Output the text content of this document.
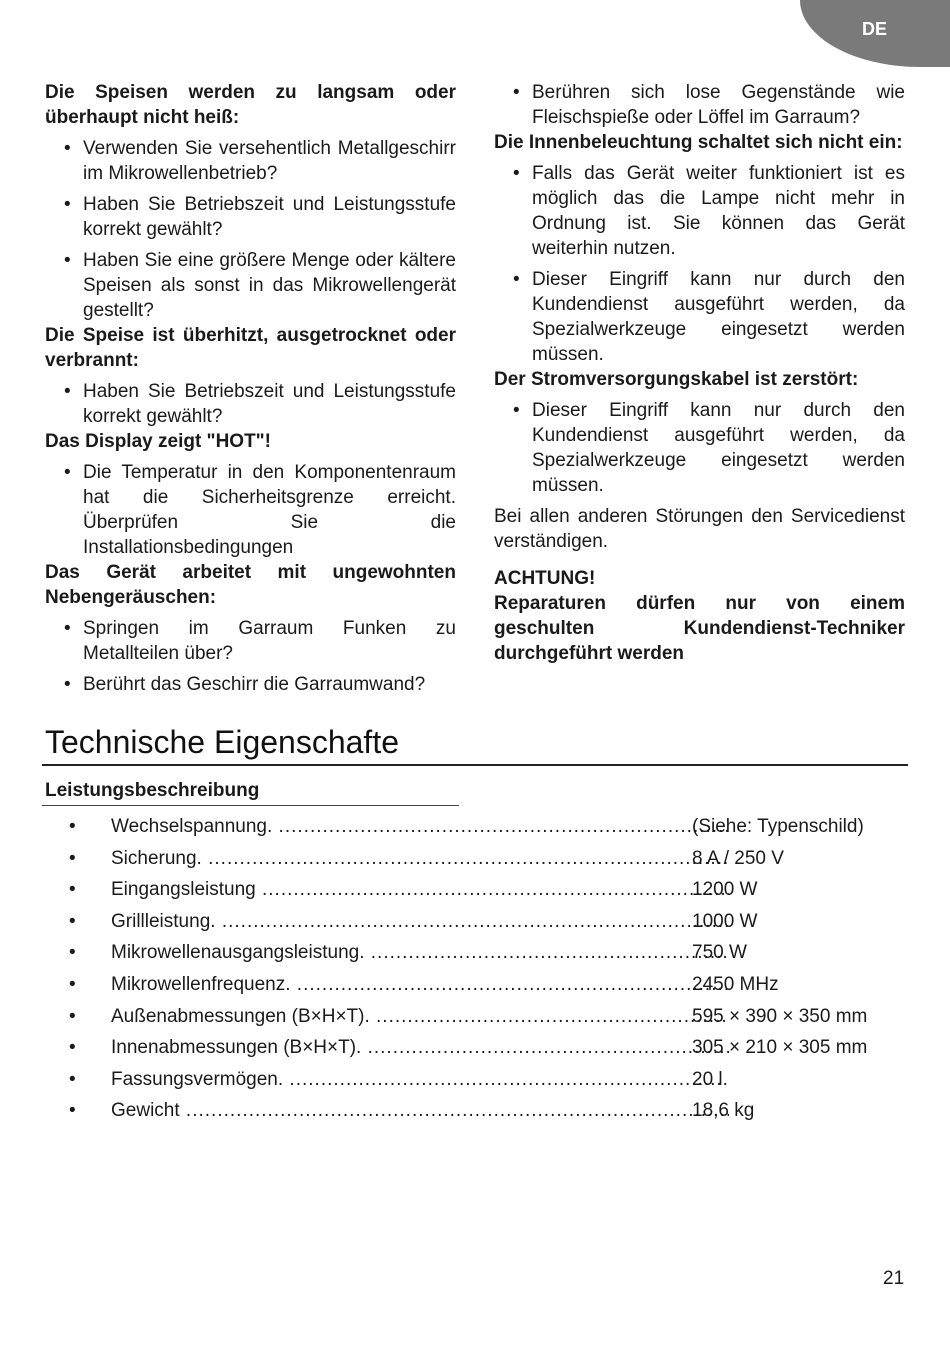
DE
Die Speisen werden zu langsam oder überhaupt nicht heiß:
• Verwenden Sie versehentlich Metallgeschirr im Mikrowellenbetrieb?
• Haben Sie Betriebszeit und Leistungsstufe korrekt gewählt?
• Haben Sie eine größere Menge oder kältere Speisen als sonst in das Mikrowellengerät gestellt?
Die Speise ist überhitzt, ausgetrocknet oder verbrannt:
• Haben Sie Betriebszeit und Leistungsstufe korrekt gewählt?
Das Display zeigt "HOT"!
• Die Temperatur in den Komponentenraum hat die Sicherheitsgrenze erreicht. Überprüfen Sie die Installationsbedingungen
Das Gerät arbeitet mit ungewohnten Nebengeräuschen:
• Springen im Garraum Funken zu Metallteilen über?
• Berührt das Geschirr die Garraumwand?
• Berühren sich lose Gegenstände wie Fleischspieße oder Löffel im Garraum?
Die Innenbeleuchtung schaltet sich nicht ein:
• Falls das Gerät weiter funktioniert ist es möglich das die Lampe nicht mehr in Ordnung ist. Sie können das Gerät weiterhin nutzen.
• Dieser Eingriff kann nur durch den Kundendienst ausgeführt werden, da Spezialwerkzeuge eingesetzt werden müssen.
Der Stromversorgungskabel ist zerstört:
• Dieser Eingriff kann nur durch den Kundendienst ausgeführt werden, da Spezialwerkzeuge eingesetzt werden müssen.
Bei allen anderen Störungen den Servicedienst verständigen.
ACHTUNG!
Reparaturen dürfen nur von einem geschulten Kundendienst-Techniker durchgeführt werden
Technische Eigenschafte
Leistungsbeschreibung
• Wechselspannung. .....	(Siehe: Typenschild)
• Sicherung. .....	8 A / 250 V
• Eingangsleistung .....	1200 W
• Grillleistung. .....	1000 W
• Mikrowellenausgangsleistung. .....	750 W
• Mikrowellenfrequenz. .....	2450 MHz
• Außenabmessungen (B×H×T). .....	595 × 390 × 350 mm
• Innenabmessungen (B×H×T). .....	305 × 210 × 305 mm
• Fassungsvermögen. .....	20 l
• Gewicht .....	18,6 kg
21
